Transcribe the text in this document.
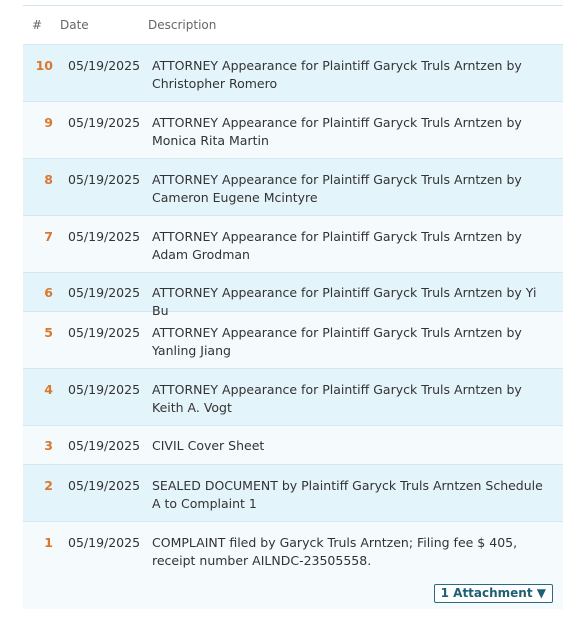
#	Date	Description
10	05/19/2025 ATTORNEY Appearance for Plaintiff Garyck Truls Arntzen by Christopher Romero
9	05/19/2025 ATTORNEY Appearance for Plaintiff Garyck Truls Arntzen by Monica Rita Martin
8	05/19/2025 ATTORNEY Appearance for Plaintiff Garyck Truls Arntzen by Cameron Eugene Mcintyre
7	05/19/2025 ATTORNEY Appearance for Plaintiff Garyck Truls Arntzen by Adam Grodman
6	05/19/2025 ATTORNEY Appearance for Plaintiff Garyck Truls Arntzen by Yi Bu
5	05/19/2025 ATTORNEY Appearance for Plaintiff Garyck Truls Arntzen by Yanling Jiang
4	05/19/2025 ATTORNEY Appearance for Plaintiff Garyck Truls Arntzen by Keith A. Vogt
3	05/19/2025 CIVIL Cover Sheet
2	05/19/2025 SEALED DOCUMENT by Plaintiff Garyck Truls Arntzen Schedule A to Complaint 1
1	05/19/2025 COMPLAINT filed by Garyck Truls Arntzen; Filing fee $ 405, receipt number AILNDC-23505558.
1 Attachment ▼
